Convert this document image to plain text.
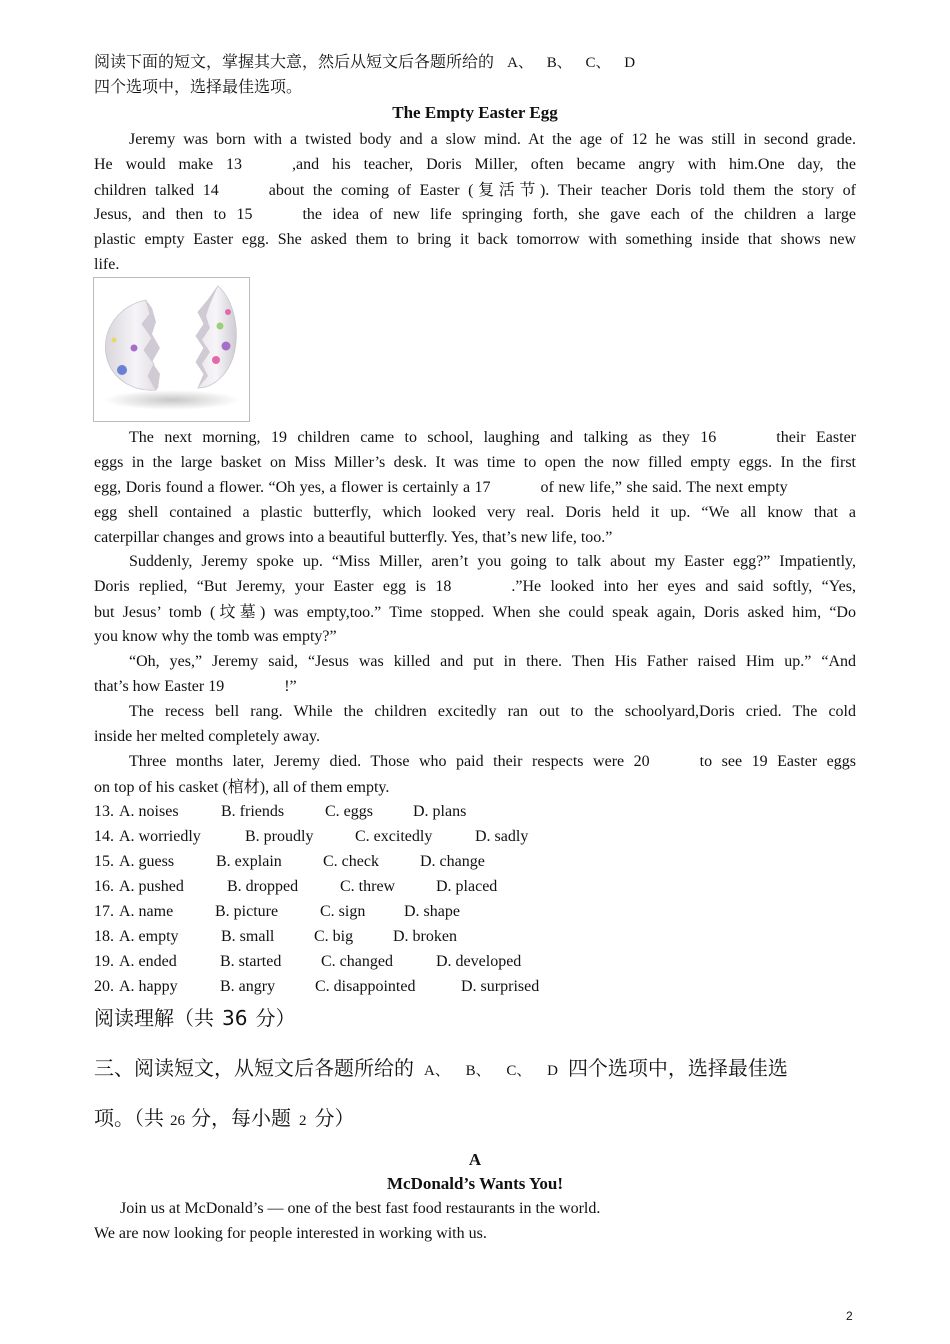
阅读下面的短文，掌握其大意，然后从短文后各题所给的 A、 B、 C、 D
四个选项中，选择最佳选项。
The Empty Easter Egg
Jeremy was born with a twisted body and a slow mind. At the age of 12 he was still in second grade.
He would make 13	,and his teacher, Doris Miller, often became angry with him.One day, the
children talked 14	about the coming of Easter (复活节). Their teacher Doris told them the story of
Jesus, and then to 15	the idea of new life springing forth, she gave each of the children a large
plastic empty Easter egg. She asked them to bring it back tomorrow with something inside that shows new
life.
The next morning, 19 children came to school, laughing and talking as they 16	their Easter
eggs in the large basket on Miss Miller’s desk. It was time to open the now filled empty eggs. In the first
egg, Doris found a flower. “Oh yes, a flower is certainly a 17	of new life,” she said. The next empty
egg shell contained a plastic butterfly, which looked very real. Doris held it up. “We all know that a
caterpillar changes and grows into a beautiful butterfly. Yes, that’s new life, too.”
Suddenly, Jeremy spoke up. “Miss Miller, aren’t you going to talk about my Easter egg?” Impatiently,
Doris replied, “But Jeremy, your Easter egg is 18	.”He looked into her eyes and said softly, “Yes,
but Jesus’ tomb (坟墓) was empty,too.” Time stopped. When she could speak again, Doris asked him, “Do
you know why the tomb was empty?”
“Oh, yes,” Jeremy said, “Jesus was killed and put in there. Then His Father raised Him up.” “And
that’s how Easter 19	!”
The recess bell rang. While the children excitedly ran out to the schoolyard,Doris cried. The cold
inside her melted completely away.
Three months later, Jeremy died. Those who paid their respects were 20	to see 19 Easter eggs
on top of his casket (棺材), all of them empty.
13. A. noises	B. friends	C. eggs	D. plans
14. A. worriedly	B. proudly	C. excitedly	D. sadly
15. A. guess	B. explain	C. check	D. change
16. A. pushed	B. dropped	C. threw	D. placed
17. A. name	B. picture	C. sign D. shape
18. A. empty	B. small C. big D. broken
19. A. ended	B. started C. changed	D. developed
20. A. happy	B. angry C. disappointed	D. surprised
阅读理解（共 36 分）
三、阅读短文，从短文后各题所给的 A、 B、 C、 D 四个选项中，选择最佳选
项。（共 26 分，每小题 2 分）
A
McDonald’s Wants You!
Join us at McDonald’s — one of the best fast food restaurants in the world.
We are now looking for people interested in working with us.
2
